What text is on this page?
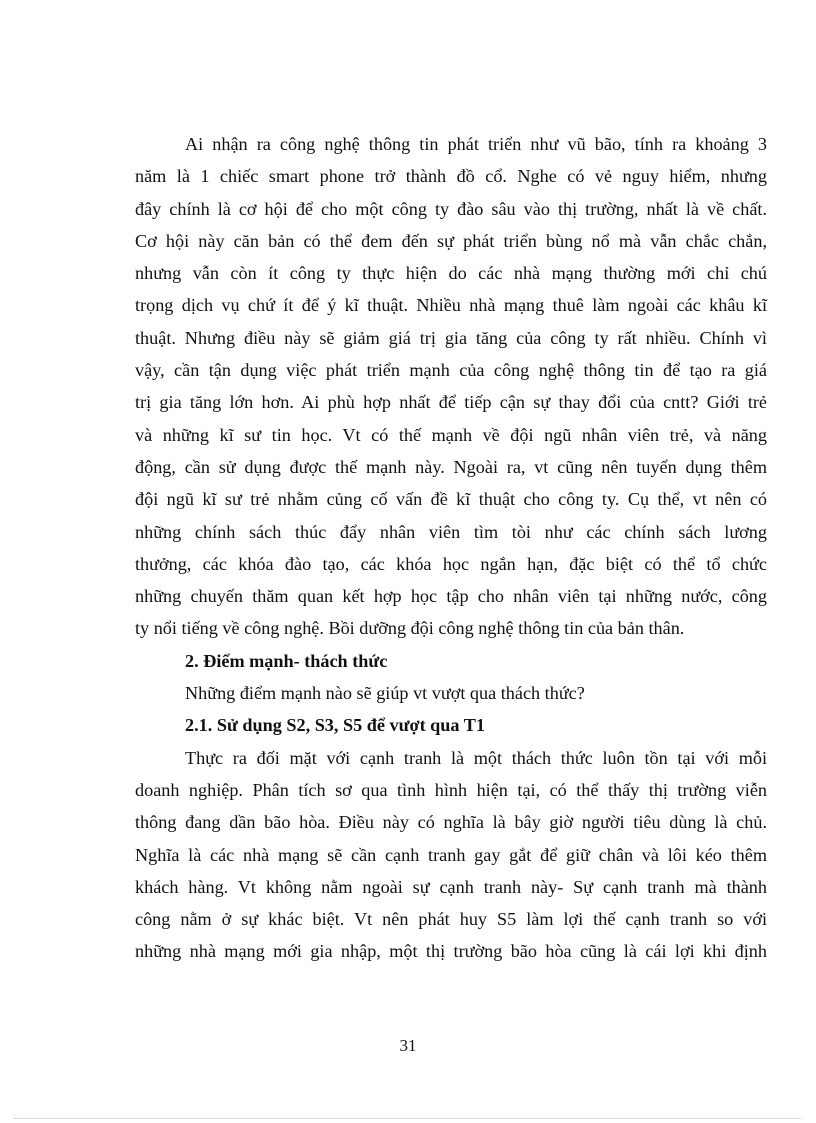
Ai nhận ra công nghệ thông tin phát triển như vũ bão, tính ra khoảng 3
năm là 1 chiếc smart phone trở thành đồ cổ. Nghe có vẻ nguy hiểm, nhưng
đây chính là cơ hội để cho một công ty đào sâu vào thị trường, nhất là về chất.
Cơ hội này căn bản có thể đem đến sự phát triển bùng nổ mà vẫn chắc chắn,
nhưng vẫn còn ít công ty thực hiện do các nhà mạng thường mới chỉ chú
trọng dịch vụ chứ ít để ý kĩ thuật. Nhiều nhà mạng thuê làm ngoài các khâu kĩ
thuật. Nhưng điều này sẽ giảm giá trị gia tăng của công ty rất nhiều. Chính vì
vậy, cần tận dụng việc phát triển mạnh của công nghệ thông tin để tạo ra giá
trị gia tăng lớn hơn. Ai phù hợp nhất để tiếp cận sự thay đổi của cntt? Giới trẻ
và những kĩ sư tin học. Vt có thế mạnh về đội ngũ nhân viên trẻ, và năng
động, cần sử dụng được thế mạnh này. Ngoài ra, vt cũng nên tuyển dụng thêm
đội ngũ kĩ sư trẻ nhằm củng cố vấn đề kĩ thuật cho công ty. Cụ thể, vt nên có
những chính sách thúc đẩy nhân viên tìm tòi như các chính sách lương
thưởng, các khóa đào tạo, các khóa học ngắn hạn, đặc biệt có thể tổ chức
những chuyến thăm quan kết hợp học tập cho nhân viên tại những nước, công
ty nổi tiếng về công nghệ. Bồi dưỡng đội công nghệ thông tin của bản thân.
2. Điểm mạnh- thách thức
Những điểm mạnh nào sẽ giúp vt vượt qua thách thức?
2.1. Sử dụng S2, S3, S5 để vượt qua T1
Thực ra đối mặt với cạnh tranh là một thách thức luôn tồn tại với mỗi
doanh nghiệp. Phân tích sơ qua tình hình hiện tại, có thể thấy thị trường viễn
thông đang dần bão hòa. Điều này có nghĩa là bây giờ người tiêu dùng là chủ.
Nghĩa là các nhà mạng sẽ cần cạnh tranh gay gắt để giữ chân và lôi kéo thêm
khách hàng. Vt không nằm ngoài sự cạnh tranh này- Sự cạnh tranh mà thành
công nằm ở sự khác biệt. Vt nên phát huy S5 làm lợi thế cạnh tranh so với
những nhà mạng mới gia nhập, một thị trường bão hòa cũng là cái lợi khi định
31
